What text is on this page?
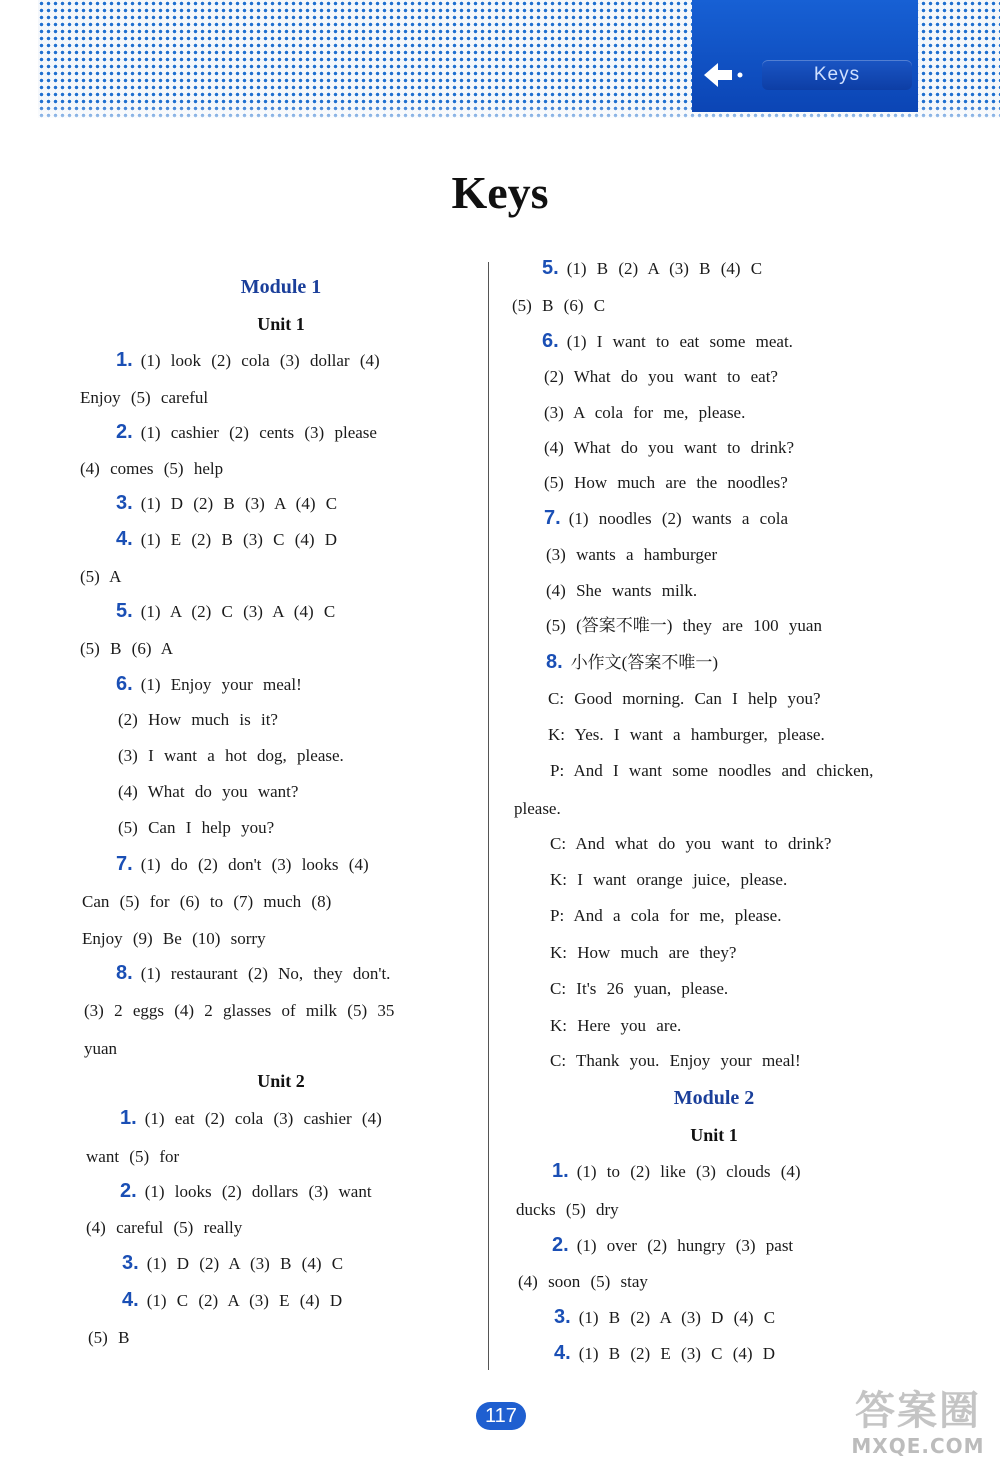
Keys
Keys
Module 1
Unit 1
1. (1) look (2) cola (3) dollar (4)
Enjoy (5) careful
2. (1) cashier (2) cents (3) please
(4) comes (5) help
3. (1) D (2) B (3) A (4) C
4. (1) E (2) B (3) C (4) D
(5) A
5. (1) A (2) C (3) A (4) C
(5) B (6) A
6. (1) Enjoy your meal!
(2) How much is it?
(3) I want a hot dog, please.
(4) What do you want?
(5) Can I help you?
7. (1) do (2) don't (3) looks (4)
Can (5) for (6) to (7) much (8)
Enjoy (9) Be (10) sorry
8. (1) restaurant (2) No, they don't.
(3) 2 eggs (4) 2 glasses of milk (5) 35
yuan
Unit 2
1. (1) eat (2) cola (3) cashier (4)
want (5) for
2. (1) looks (2) dollars (3) want
(4) careful (5) really
3. (1) D (2) A (3) B (4) C
4. (1) C (2) A (3) E (4) D
(5) B
5. (1) B (2) A (3) B (4) C
(5) B (6) C
6. (1) I want to eat some meat.
(2) What do you want to eat?
(3) A cola for me, please.
(4) What do you want to drink?
(5) How much are the noodles?
7. (1) noodles (2) wants a cola
(3) wants a hamburger
(4) She wants milk.
(5) (答案不唯一) they are 100 yuan
8. 小作文(答案不唯一)
C: Good morning. Can I help you?
K: Yes. I want a hamburger, please.
P: And I want some noodles and chicken,
please.
C: And what do you want to drink?
K: I want orange juice, please.
P: And a cola for me, please.
K: How much are they?
C: It's 26 yuan, please.
K: Here you are.
C: Thank you. Enjoy your meal!
Module 2
Unit 1
1. (1) to (2) like (3) clouds (4)
ducks (5) dry
2. (1) over (2) hungry (3) past
(4) soon (5) stay
3. (1) B (2) A (3) D (4) C
4. (1) B (2) E (3) C (4) D
117	答案圈
MXQE.COM
